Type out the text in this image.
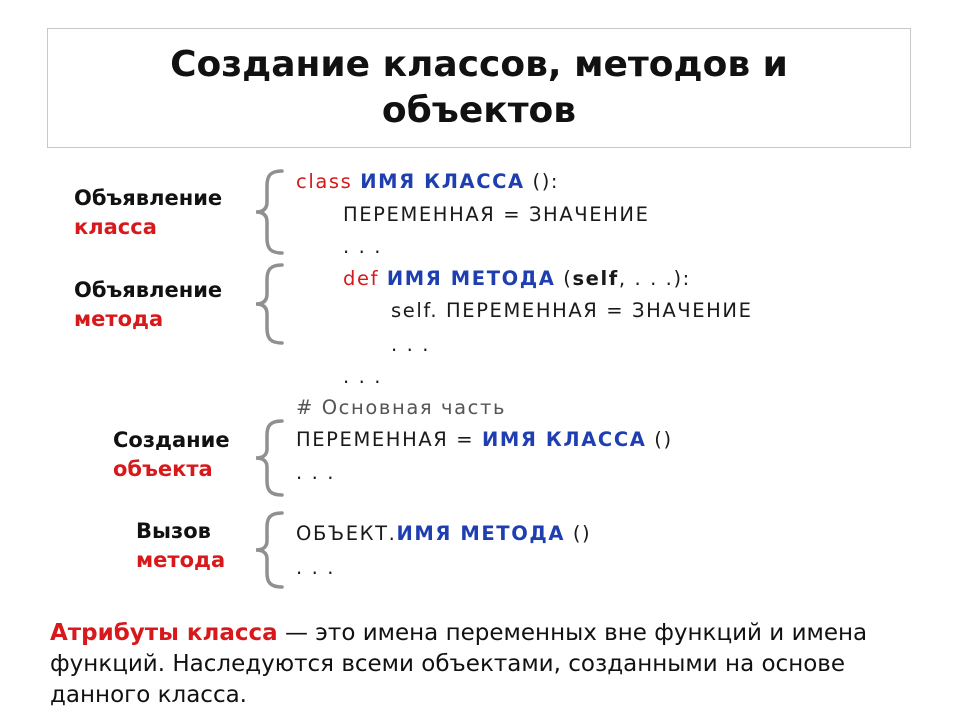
Создание классов, методов и
объектов
Объявление
класса
Объявление
метода
Создание
объекта
Вызов
метода
class ИМЯ КЛАССА ():
ПЕРЕМЕННАЯ = ЗНАЧЕНИЕ
. . .
def ИМЯ МЕТОДА (self, . . .):
self. ПЕРЕМЕННАЯ = ЗНАЧЕНИЕ
. . .
. . .
# Основная часть
ПЕРЕМЕННАЯ = ИМЯ КЛАССА ()
. . .
ОБЪЕКТ.ИМЯ МЕТОДА ()
. . .
Атрибуты класса — это имена переменных вне функций и имена функций. Наследуются всеми объектами, созданными на основе данного класса.
